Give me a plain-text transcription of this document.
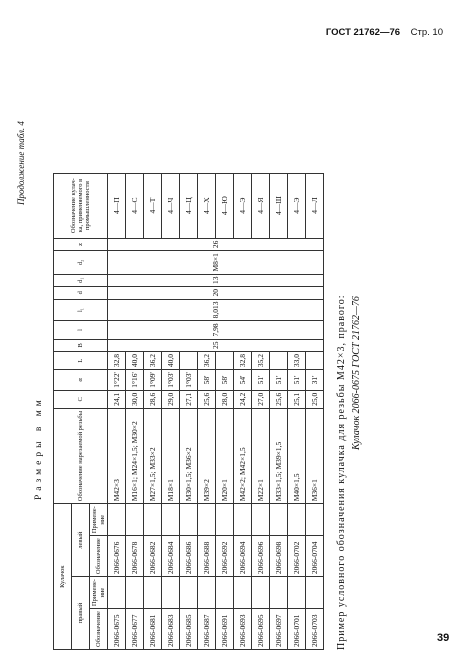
ГОСТ 21762—76 Стр. 10
Продолжение табл. 4
Размеры в мм
Кулачок				Обозначение нарезаемой резьбы	C	α	L	B	l	l₁	d	d₁	d₂	z	Обозначение кулач- ка, применяемого в промышленности
правый		левый													
Обозначение	Примене- ние	Обозначение	Примене- ние												
2066-0675		2066-0676		M42×3	24,1	1°22'	32,8	25	7,98	8,013	20	13	M8×1	26	4—П
2066-0677		2066-0678		M16×1; M24×1,5; M30×2	30,0	1°16'	40,0								4—С
2066-0681		2066-0682		M27×1,5; M33×2	28,6	1°09'	36,2								4—Т
2066-0683		2066-0684		M18×1	29,0	1°03'	40,0								4—Ч
2066-0685		2066-0686		M30×1,5; M36×2	27,1	1°03'									4—Ц
2066-0687		2066-0688		M39×2	25,6	58'	36,2								4—Х
2066-0691		2066-0692		M20×1	28,0	58'									4—Ю
2066-0693		2066-0694		M42×2; M42×1,5	24,2	54'	32,8								4—Э
2066-0695		2066-0696		M22×1	27,0	51'	35,2								4—Я
2066-0697		2066-0698		M33×1,5; M39×1,5	25,6	51'									4—Ш
2066-0701		2066-0702		M40×1,5	25,1	51'	33,0								4—Э
2066-0703		2066-0704		M36×1	25,0	31'									4—Л
Пример условного обозначения кулачка для резьбы M42×3, правого: Кулачок 2066-0675 ГОСТ 21762—76
39
